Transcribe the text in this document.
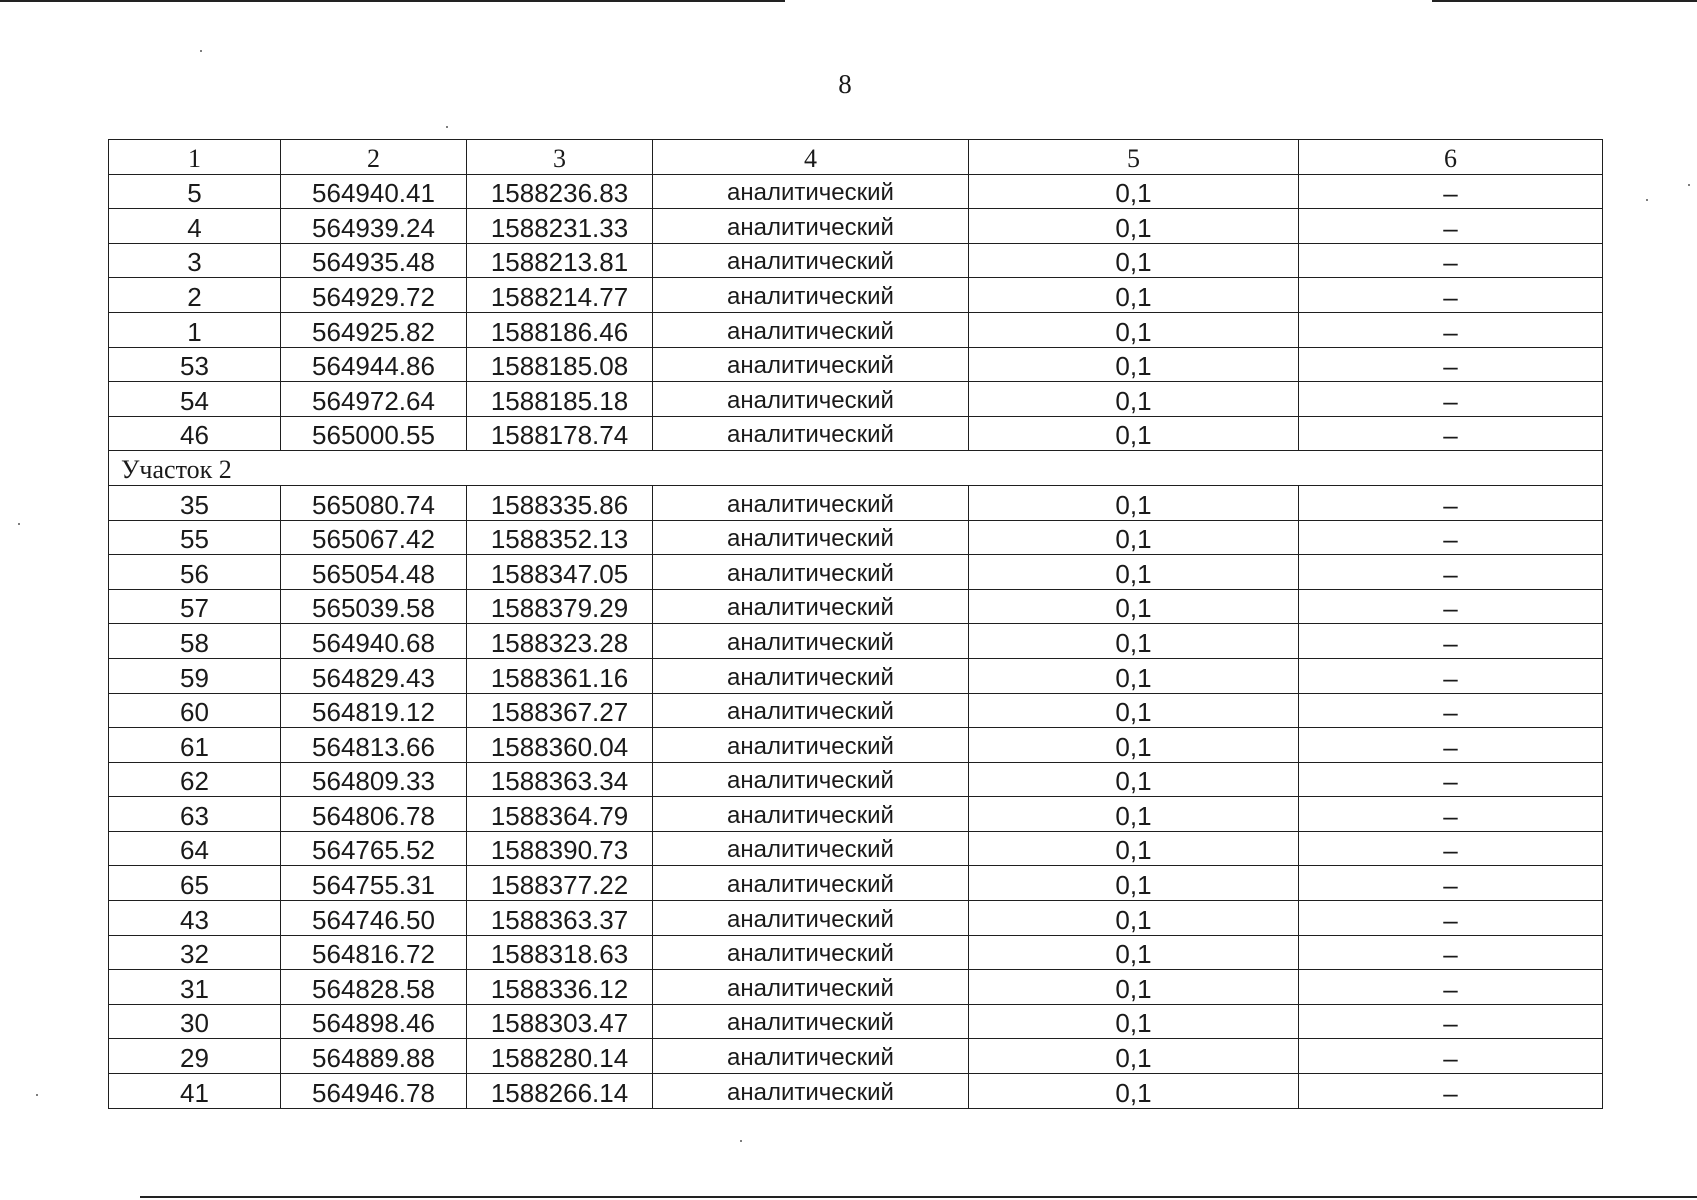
8
1	2	3	4	5	6
5	564940.41	1588236.83	аналитический	0,1	–
4	564939.24	1588231.33	аналитический	0,1	–
3	564935.48	1588213.81	аналитический	0,1	–
2	564929.72	1588214.77	аналитический	0,1	–
1	564925.82	1588186.46	аналитический	0,1	–
53	564944.86	1588185.08	аналитический	0,1	–
54	564972.64	1588185.18	аналитический	0,1	–
46	565000.55	1588178.74	аналитический	0,1	–
Участок 2					
35	565080.74	1588335.86	аналитический	0,1	–
55	565067.42	1588352.13	аналитический	0,1	–
56	565054.48	1588347.05	аналитический	0,1	–
57	565039.58	1588379.29	аналитический	0,1	–
58	564940.68	1588323.28	аналитический	0,1	–
59	564829.43	1588361.16	аналитический	0,1	–
60	564819.12	1588367.27	аналитический	0,1	–
61	564813.66	1588360.04	аналитический	0,1	–
62	564809.33	1588363.34	аналитический	0,1	–
63	564806.78	1588364.79	аналитический	0,1	–
64	564765.52	1588390.73	аналитический	0,1	–
65	564755.31	1588377.22	аналитический	0,1	–
43	564746.50	1588363.37	аналитический	0,1	–
32	564816.72	1588318.63	аналитический	0,1	–
31	564828.58	1588336.12	аналитический	0,1	–
30	564898.46	1588303.47	аналитический	0,1	–
29	564889.88	1588280.14	аналитический	0,1	–
41	564946.78	1588266.14	аналитический	0,1	–
